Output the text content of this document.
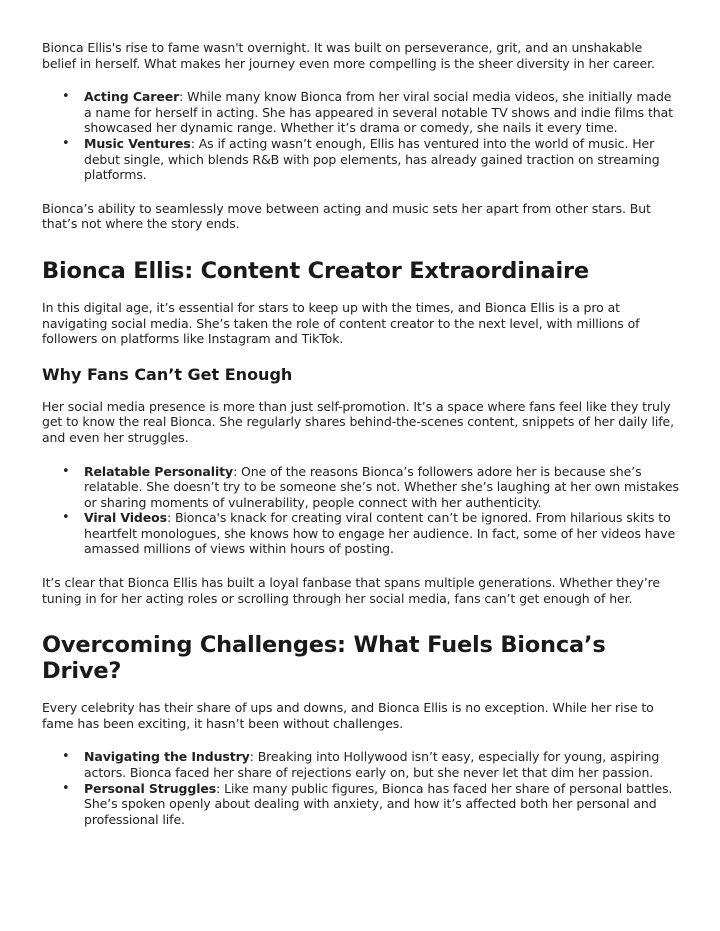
Bionca Ellis's rise to fame wasn't overnight. It was built on perseverance, grit, and an unshakable belief in herself. What makes her journey even more compelling is the sheer diversity in her career.

• Acting Career: While many know Bionca from her viral social media videos, she initially made a name for herself in acting. She has appeared in several notable TV shows and indie films that showcased her dynamic range. Whether it’s drama or comedy, she nails it every time.
• Music Ventures: As if acting wasn’t enough, Ellis has ventured into the world of music. Her debut single, which blends R&B with pop elements, has already gained traction on streaming platforms.

Bionca’s ability to seamlessly move between acting and music sets her apart from other stars. But that’s not where the story ends.

Bionca Ellis: Content Creator Extraordinaire

In this digital age, it’s essential for stars to keep up with the times, and Bionca Ellis is a pro at navigating social media. She’s taken the role of content creator to the next level, with millions of followers on platforms like Instagram and TikTok.

Why Fans Can’t Get Enough

Her social media presence is more than just self-promotion. It’s a space where fans feel like they truly get to know the real Bionca. She regularly shares behind-the-scenes content, snippets of her daily life, and even her struggles.

• Relatable Personality: One of the reasons Bionca’s followers adore her is because she’s relatable. She doesn’t try to be someone she’s not. Whether she’s laughing at her own mistakes or sharing moments of vulnerability, people connect with her authenticity.
• Viral Videos: Bionca's knack for creating viral content can’t be ignored. From hilarious skits to heartfelt monologues, she knows how to engage her audience. In fact, some of her videos have amassed millions of views within hours of posting.

It’s clear that Bionca Ellis has built a loyal fanbase that spans multiple generations. Whether they’re tuning in for her acting roles or scrolling through her social media, fans can’t get enough of her.

Overcoming Challenges: What Fuels Bionca’s Drive?

Every celebrity has their share of ups and downs, and Bionca Ellis is no exception. While her rise to fame has been exciting, it hasn’t been without challenges.

• Navigating the Industry: Breaking into Hollywood isn’t easy, especially for young, aspiring actors. Bionca faced her share of rejections early on, but she never let that dim her passion.
• Personal Struggles: Like many public figures, Bionca has faced her share of personal battles. She’s spoken openly about dealing with anxiety, and how it’s affected both her personal and professional life.
